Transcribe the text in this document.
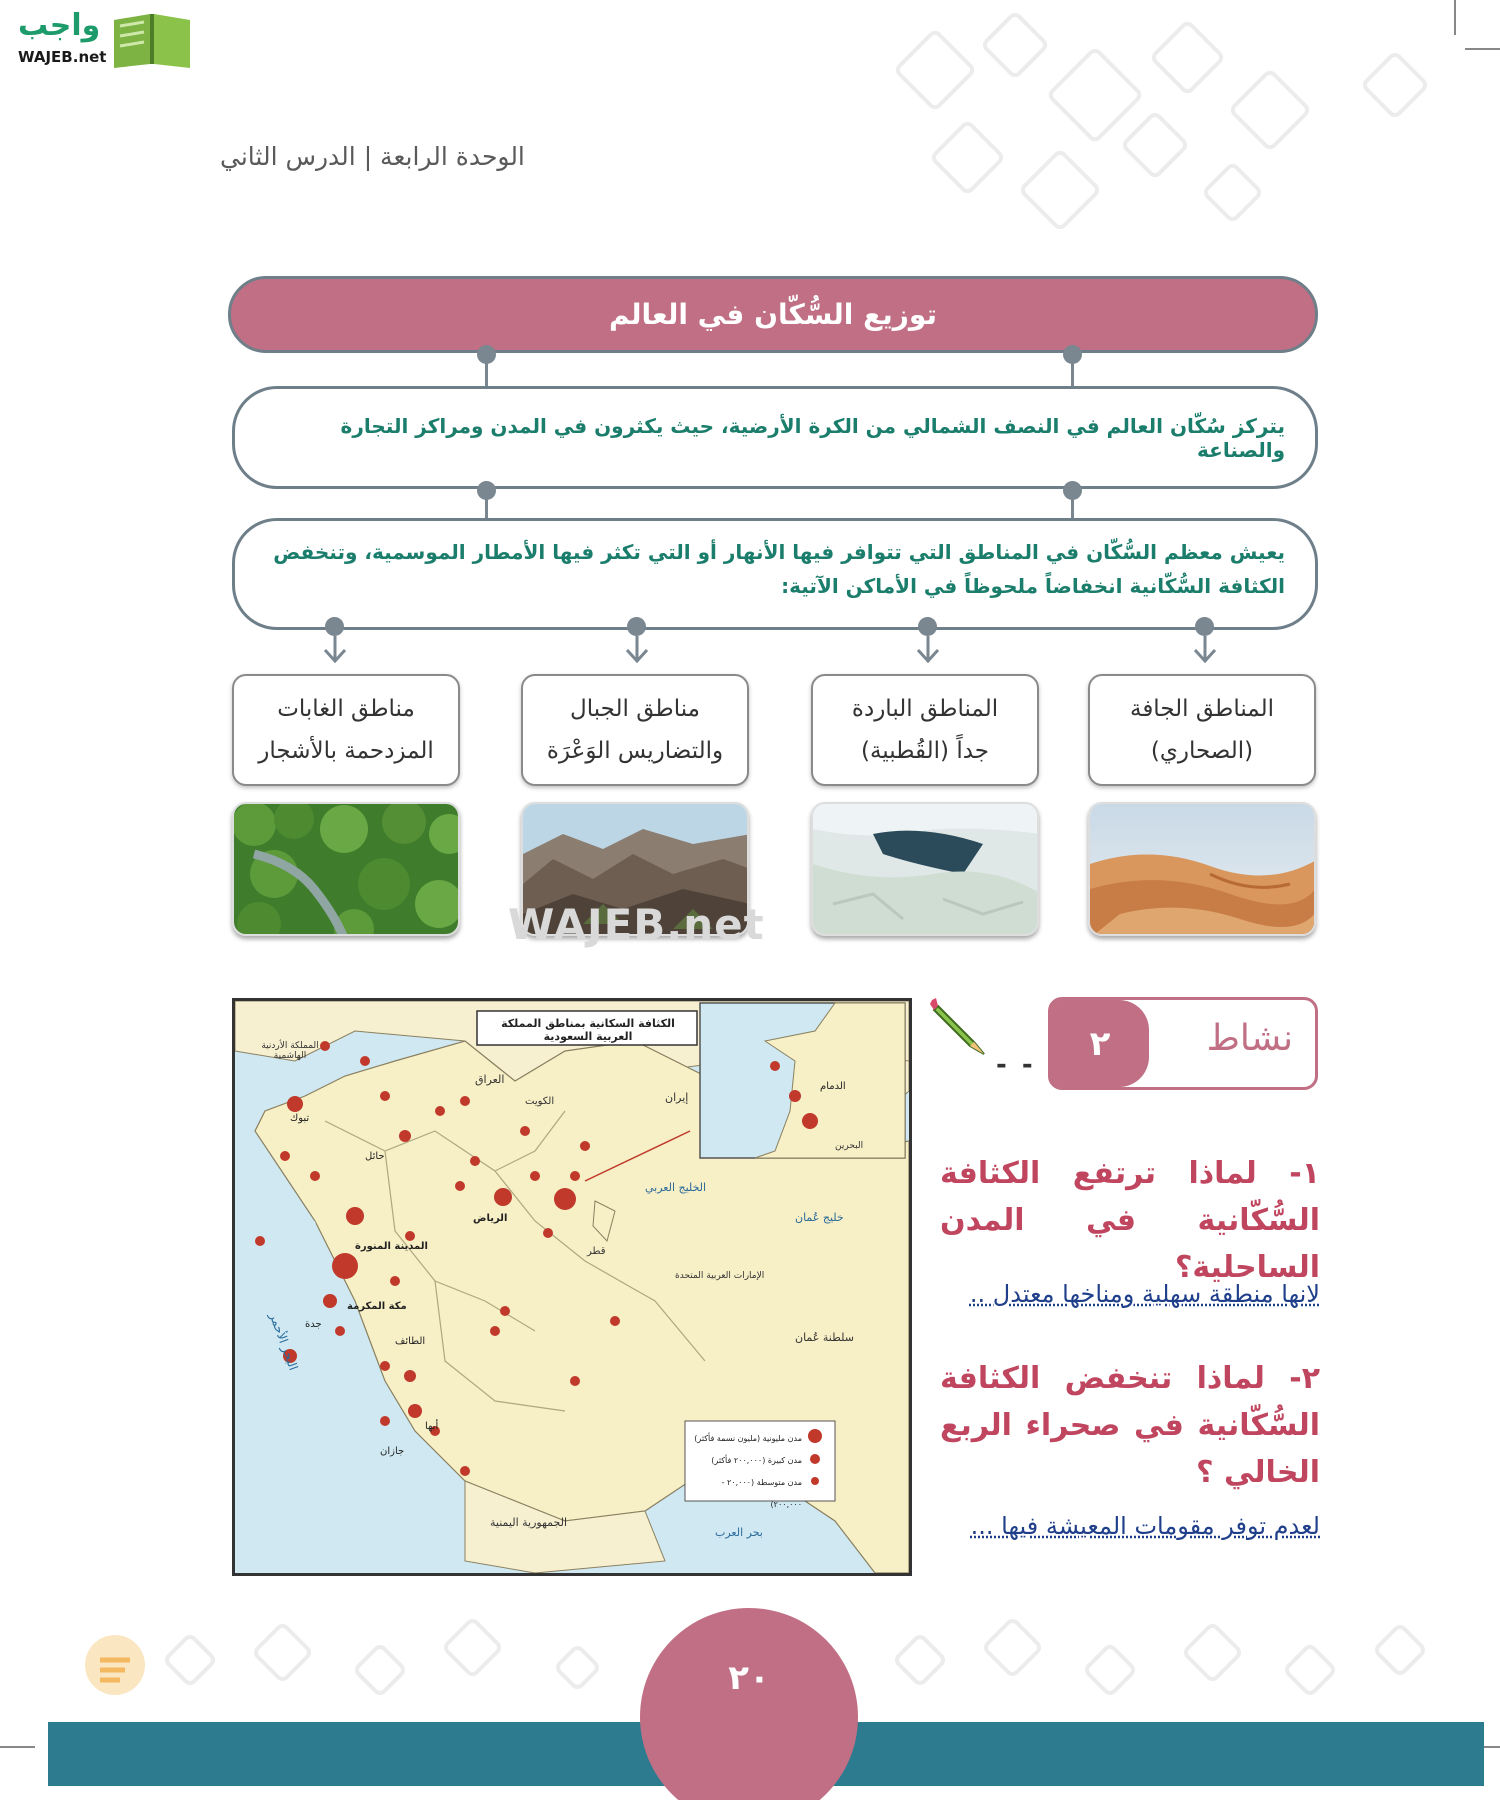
واجب
WAJEB.net
الوحدة الرابعة | الدرس الثاني
توزيع السُّكّان في العالم
يتركز سُكّان العالم في النصف الشمالي من الكرة الأرضية، حيث يكثرون في المدن ومراكز التجارة والصناعة
يعيش معظم السُّكّان في المناطق التي تتوافر فيها الأنهار أو التي تكثر فيها الأمطار الموسمية، وتنخفض الكثافة السُّكّانية انخفاضاً ملحوظاً في الأماكن الآتية:
المناطق الجافة
(الصحاري)
المناطق الباردة
جداً (القُطبية)
مناطق الجبال
والتضاريس الوَعْرَة
مناطق الغابات
المزدحمة بالأشجار
WAJEB.net
الكثافة السكانية بمناطق المملكة العربية السعودية
العراق
إيران
الخليج العربي
خليج عُمان
البحر الأحمر
الجمهورية اليمنية
بحر العرب
سلطنة عُمان
قطر
الكويت
الإمارات العربية المتحدة
المملكة الأردنية الهاشمية
البحرين
الرياض
مكة المكرمة
المدينة المنورة
جدة
حائل
تبوك
الطائف
أبها
جازان
الدمام
مدن مليونية (مليون نسمة فأكثر)
مدن كبيرة (٢٠٠,٠٠٠ فأكثر)
مدن متوسطة (٢٠,٠٠٠ - ٢٠٠,٠٠٠)
- -
٢	نشاط
١- لماذا ترتفع الكثافة السُّكّانية في المدن الساحلية؟
لانها منطقة سهلية ومناخها معتدل ..
٢- لماذا تنخفض الكثافة السُّكّانية في صحراء الربع الخالي ؟
لعدم توفر مقومات المعيشة فيها ...
٢٠
